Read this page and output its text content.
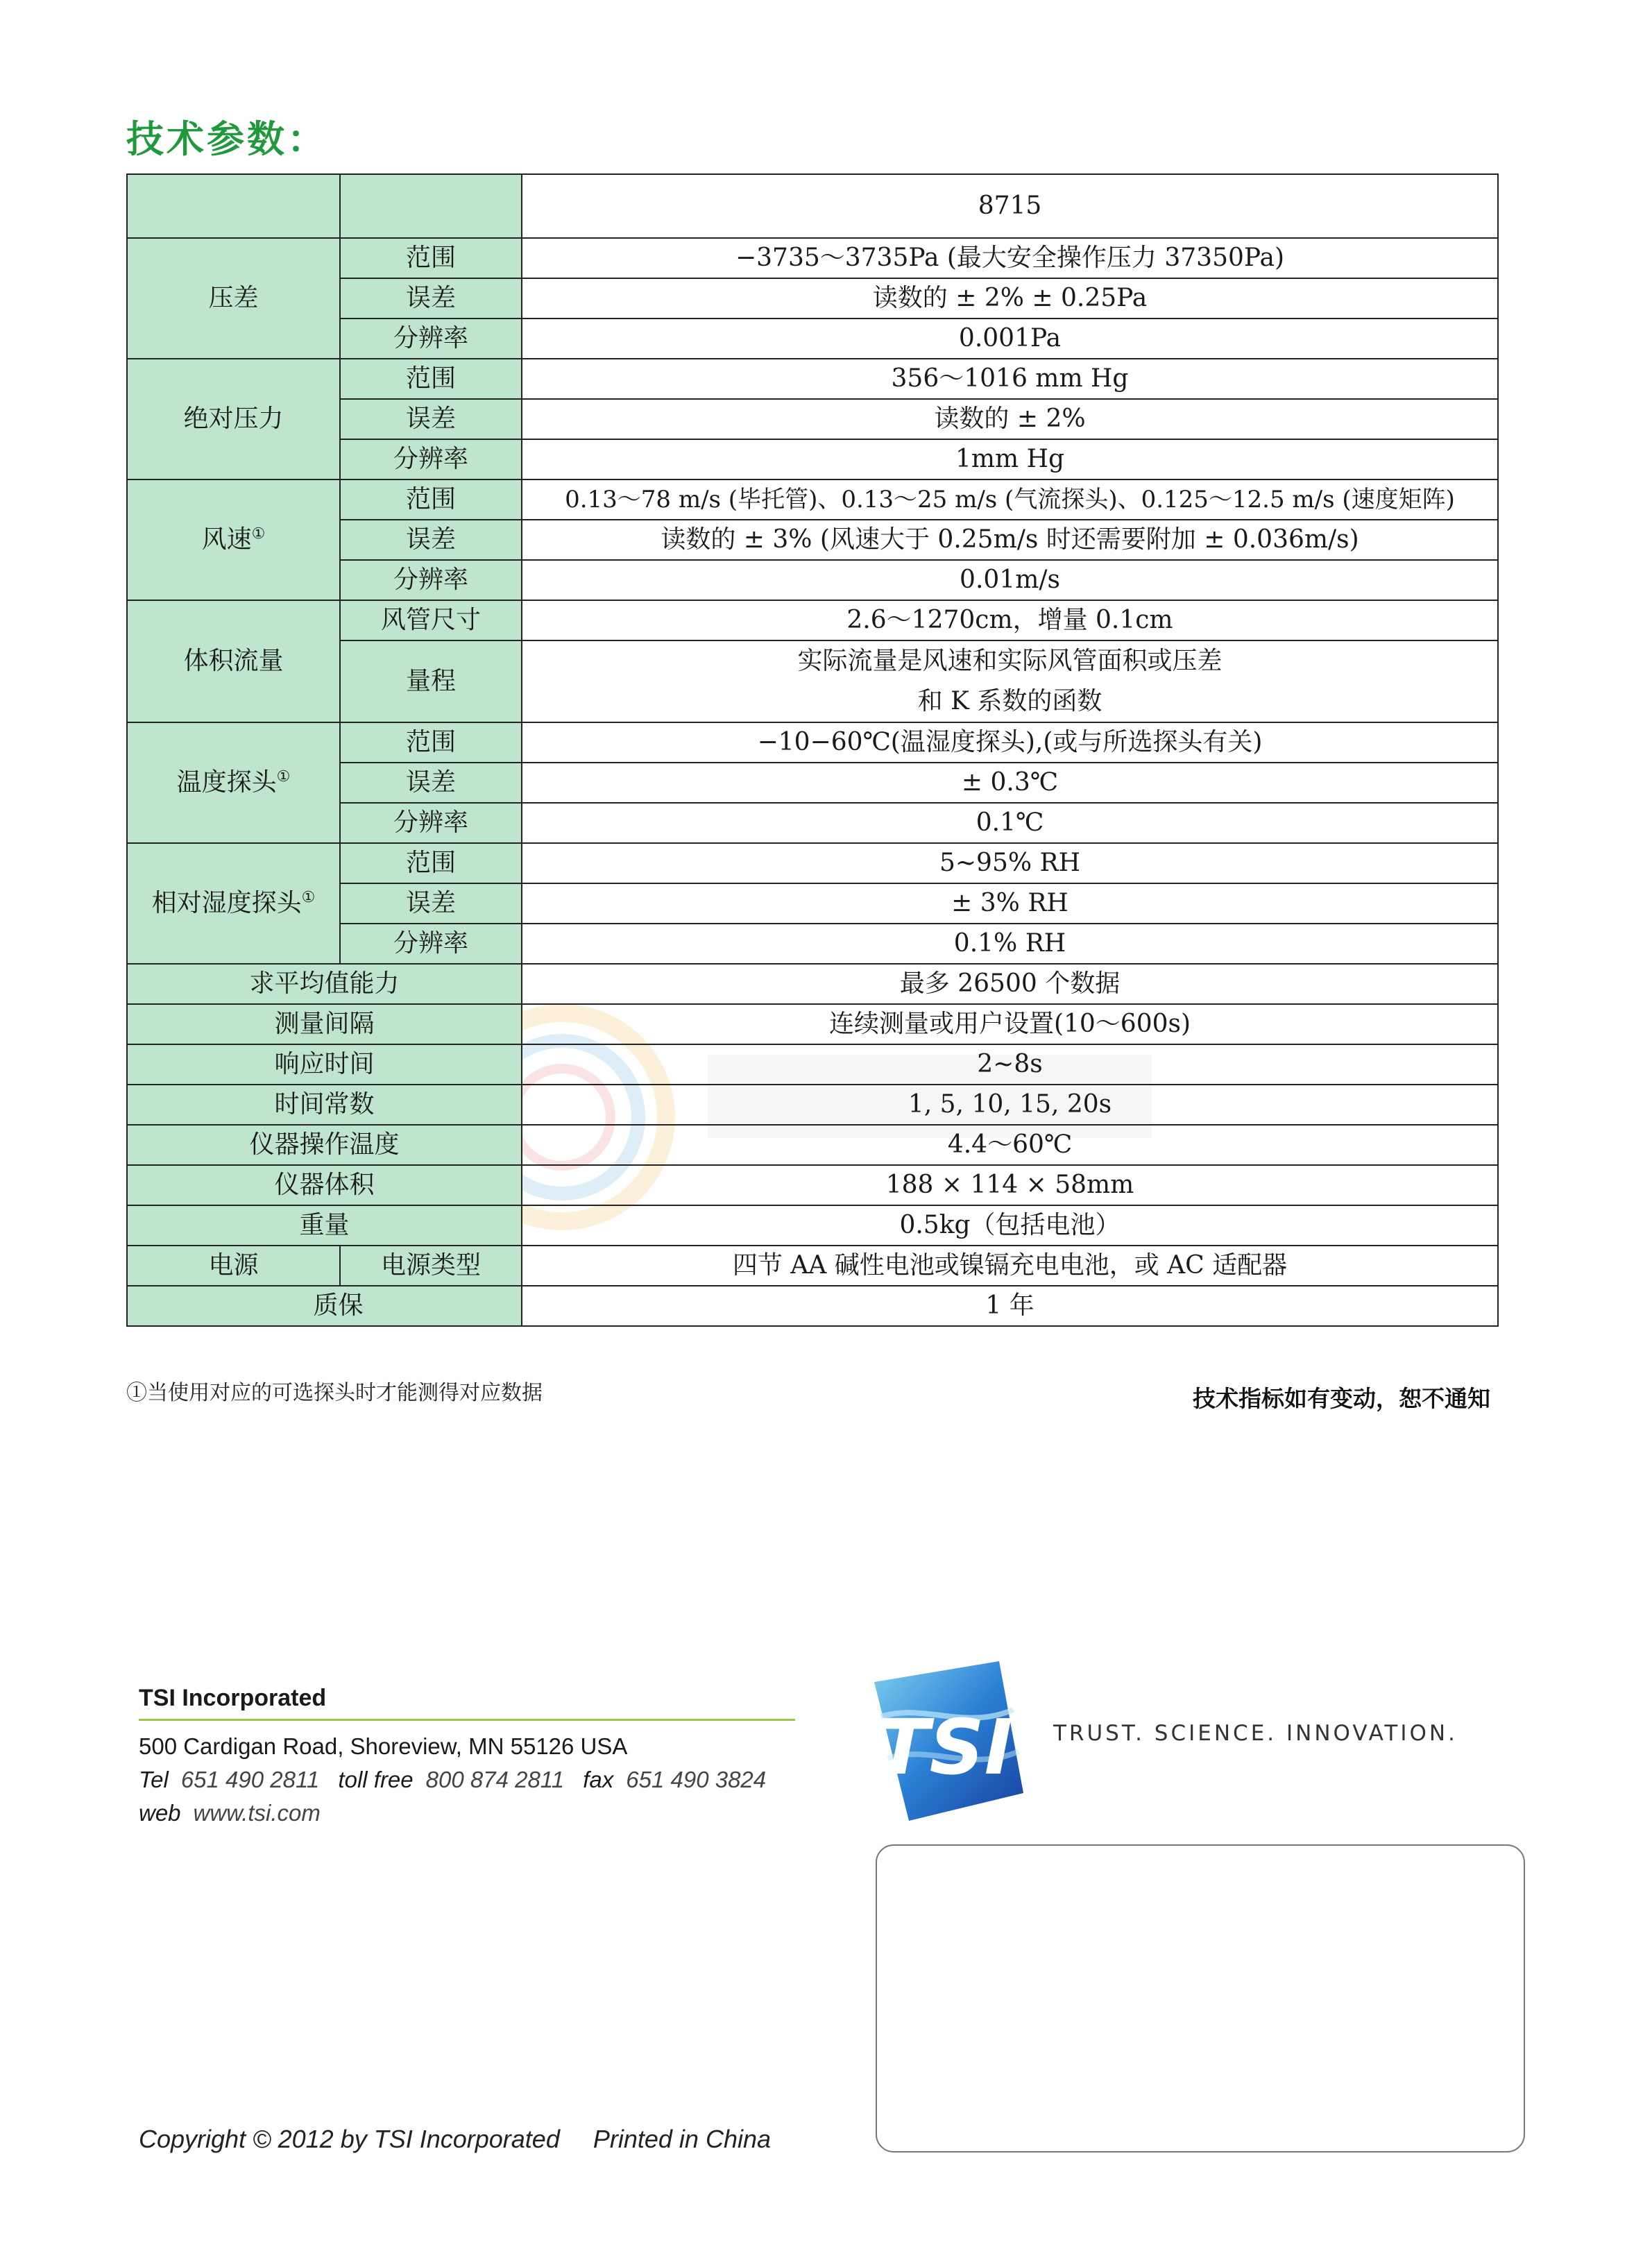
技术参数：
		8715
压差	范围	−3735～3735Pa (最大安全操作压力 37350Pa)
	误差	读数的 ± 2% ± 0.25Pa
	分辨率	0.001Pa
绝对压力	范围	356～1016 mm Hg
	误差	读数的 ± 2%
	分辨率	1mm Hg
风速①	范围	0.13～78 m/s (毕托管)、0.13～25 m/s (气流探头)、0.125～12.5 m/s (速度矩阵)
	误差	读数的 ± 3% (风速大于 0.25m/s 时还需要附加 ± 0.036m/s)
	分辨率	0.01m/s
体积流量	风管尺寸	2.6～1270cm，增量 0.1cm
	量程	实际流量是风速和实际风管面积或压差
和 K 系数的函数

温度探头①	范围	−10−60℃(温湿度探头),(或与所选探头有关)
	误差	± 0.3℃
	分辨率	0.1℃
相对湿度探头①	范围	5~95% RH
	误差	± 3% RH
	分辨率	0.1% RH
求平均值能力		最多 26500 个数据
测量间隔		连续测量或用户设置(10～600s)
响应时间		2~8s
时间常数		1, 5, 10, 15, 20s
仪器操作温度		4.4～60℃
仪器体积		188 × 114 × 58mm
重量		0.5kg（包括电池）
电源	电源类型	四节 AA 碱性电池或镍镉充电电池，或 AC 适配器
质保		1 年
①当使用对应的可选探头时才能测得对应数据	技术指标如有变动，恕不通知
TSI Incorporated
500 Cardigan Road, Shoreview, MN 55126 USA
Tel 651 490 2811 toll free 800 874 2811 fax 651 490 3824
web www.tsi.com
TSI TRUST. SCIENCE. INNOVATION.
Copyright © 2012 by TSI Incorporated Printed in China
